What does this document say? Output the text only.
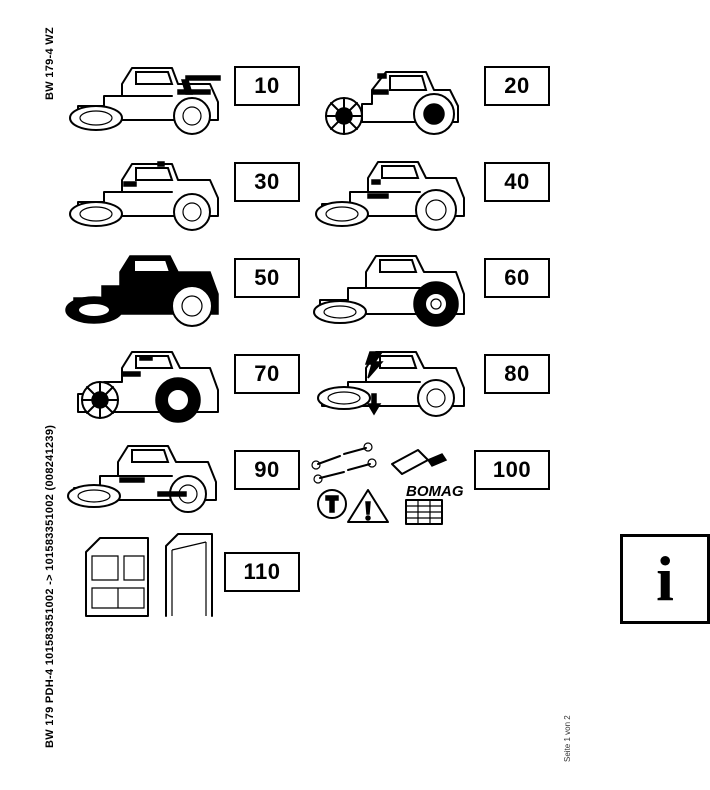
BW 179-4 WZ
BW 179 PDH-4 101583351002 -> 101583351002 (008241239)	Seite 1 von 2
10	20
30	40
50	60
70	80
90
BOMAG
100
110	i
